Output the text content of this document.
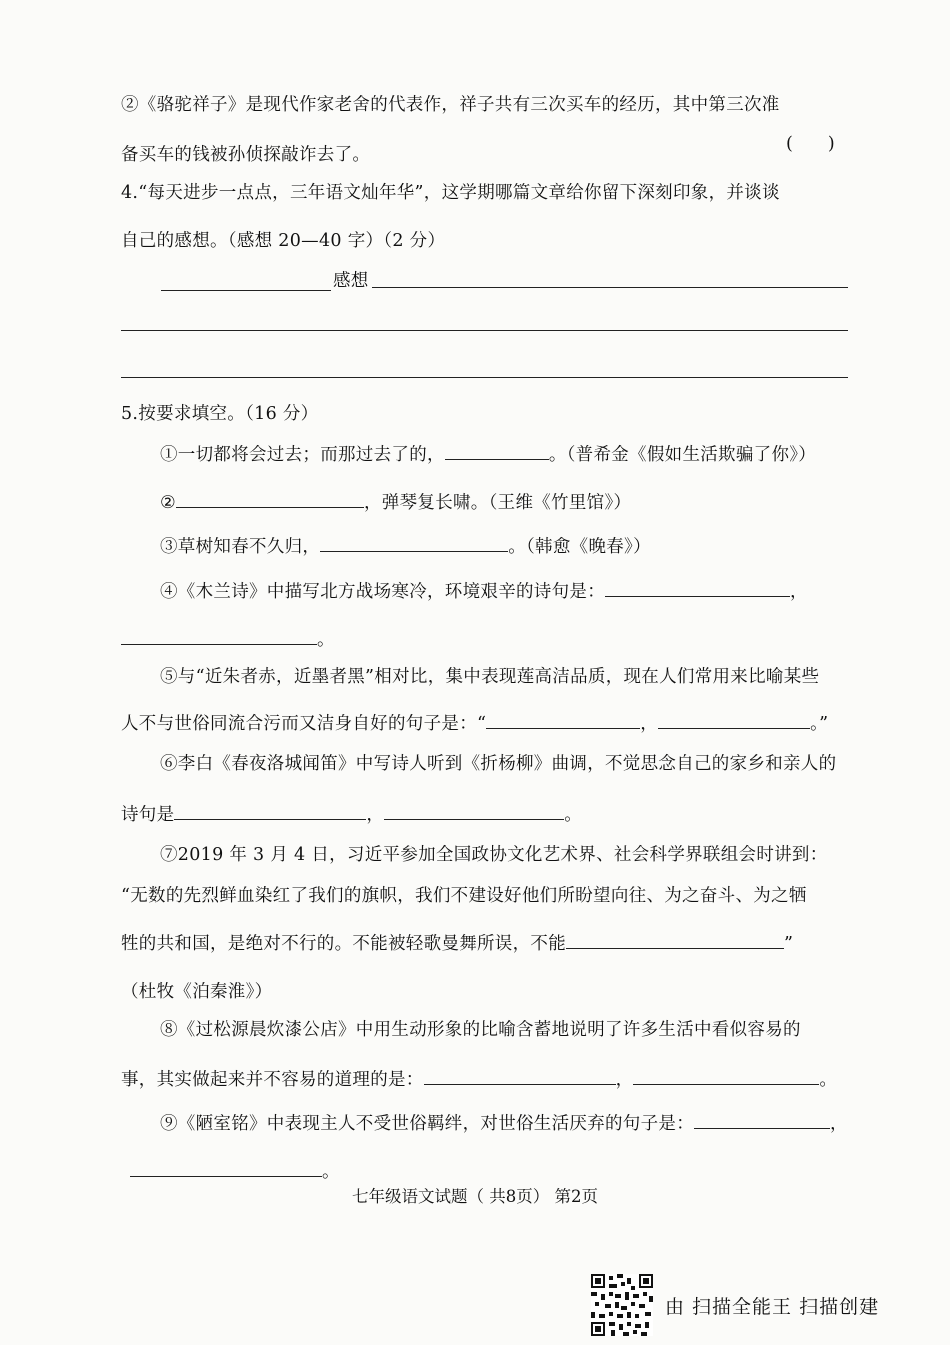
②《骆驼祥子》是现代作家老舍的代表作，祥子共有三次买车的经历，其中第三次准
备买车的钱被孙侦探敲诈去了。
(　　)
4.“每天进步一点点，三年语文灿年华”，这学期哪篇文章给你留下深刻印象，并谈谈
自己的感想。（感想 20—40 字）（2 分）
感想
5.按要求填空。（16 分）
①一切都将会过去；而那过去了的，	。（普希金《假如生活欺骗了你》）
②	，弹琴复长啸。（王维《竹里馆》）
③草树知春不久归，	。（韩愈《晚春》）
④《木兰诗》中描写北方战场寒冷，环境艰辛的诗句是：	，
。
⑤与“近朱者赤，近墨者黑”相对比，集中表现莲高洁品质，现在人们常用来比喻某些
人不与世俗同流合污而又洁身自好的句子是：“	，	。”
⑥李白《春夜洛城闻笛》中写诗人听到《折杨柳》曲调，不觉思念自己的家乡和亲人的
诗句是	，	。
⑦2019 年 3 月 4 日，习近平参加全国政协文化艺术界、社会科学界联组会时讲到：
“无数的先烈鲜血染红了我们的旗帜，我们不建设好他们所盼望向往、为之奋斗、为之牺
牲的共和国，是绝对不行的。不能被轻歌曼舞所误，不能	”
（杜牧《泊秦淮》）
⑧《过松源晨炊漆公店》中用生动形象的比喻含蓄地说明了许多生活中看似容易的
事，其实做起来并不容易的道理的是：	，	。
⑨《陋室铭》中表现主人不受世俗羁绊，对世俗生活厌弃的句子是：	，
。
七年级语文试题（ 共8页） 第2页
由 扫描全能王 扫描创建
